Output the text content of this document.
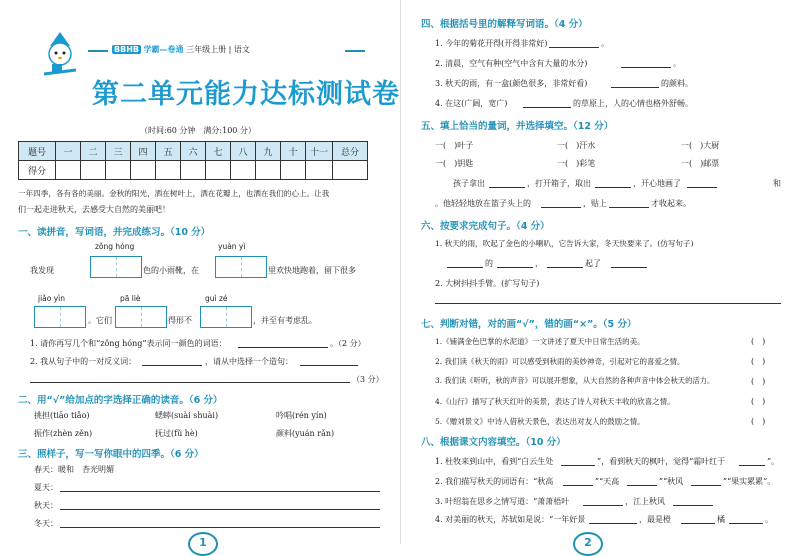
BBHB 学霸—卷通 三年级上册 | 语文
第二单元能力达标测试卷
（时间:60 分钟　满分:100 分）
题号	一	二	三	四	五	六	七	八	九	十	十一	总分
得分												
一年四季，各有各的美丽。金秋的阳光，洒在树叶上，洒在花瓣上，也洒在我们的心上。让我
们一起走进秋天，去感受大自然的美丽吧！
一、读拼音，写词语，并完成练习。（10 分）
zǒng hóng	yuàn yì
我发现	色的小雨靴，在	里欢快地跑着，留下很多
jiǎo yìn	pā liè	guì zé
。它们	得形不	，并至有考虑乱。
1. 请你再写几个和“zǒng hóng”表示同一颜色的词语：	。（2 分）
2. 我从句子中的一对反义词：	，请从中选择一个造句：
（3 分）
二、用“√”给加点的字选择正确的读音。（6 分）
挑担(tiāo tiǎo)	蟋蟀(suài shuài)	吟唱(rén yín)
振作(zhèn zěn)	抚过(fǔ hè)	颜料(yuán rǎn)
三、照样子，写一写你眼中的四季。（6 分）
春天：暖和　杏光明媚
夏天：
秋天：
冬天：
1
四、根据括号里的解释写词语。（4 分）
1. 今年的菊花开得(开得非常好)	。
2. 清晨，空气有种(空气中含有大量的水分)	。
3. 秋天的雨，有一盒(颜色很多，非常好看)	的颜料。
4. 在这(广阔，宽广)	的草原上，人的心情也格外舒畅。
五、填上恰当的量词，并选择填空。（12 分）
一(　)叶子	一(　)汗水	一(　)大厨
一(　)钥匙	一(　)彩笔	一(　)邮票
孩子拿出	，打开箱子，取出	，开心地画了	和
。他轻轻地放在篮子头上的	，贴上	才收起来。
六、按要求完成句子。（4 分）
1. 秋天的雨，吹起了金色的小喇叭，它告诉大家，冬天快要来了。(仿写句子)
的	，	起了
2. 大树抖抖手臂。(扩写句子)
七、判断对错，对的画“√”，错的画“×”。（5 分）
1.《铺满金色巴掌的水泥道》一文讲述了夏天中日常生活的美。	(　)
2. 我们读《秋天的雨》可以感受到秋雨的美妙神奇，引起对它的喜爱之情。	(　)
3. 我们读《听听，秋的声音》可以展开想象，从大自然的各种声音中体会秋天的活力。	(　)
4.《山行》描写了秋天红叶的美景，表达了诗人对秋天丰收的欣喜之情。	(　)
5.《赠刘景文》中诗人借秋天景色，表达出对友人的鼓励之情。	(　)
八、根据课文内容填空。（10 分）
1. 杜牧来到山中，看到“白云生处	”，看到秋天的枫叶，觉得“霜叶红于	”。
2. 我们描写秋天的词语有：“秋高	”“天高	”“秋风	”“果实累累”。
3. 叶绍翁在思乡之情写道：“萧萧梧叶	，江上秋风
4. 对美丽的秋天，苏轼如是说：“一年好景	，最是橙	橘	。
2
